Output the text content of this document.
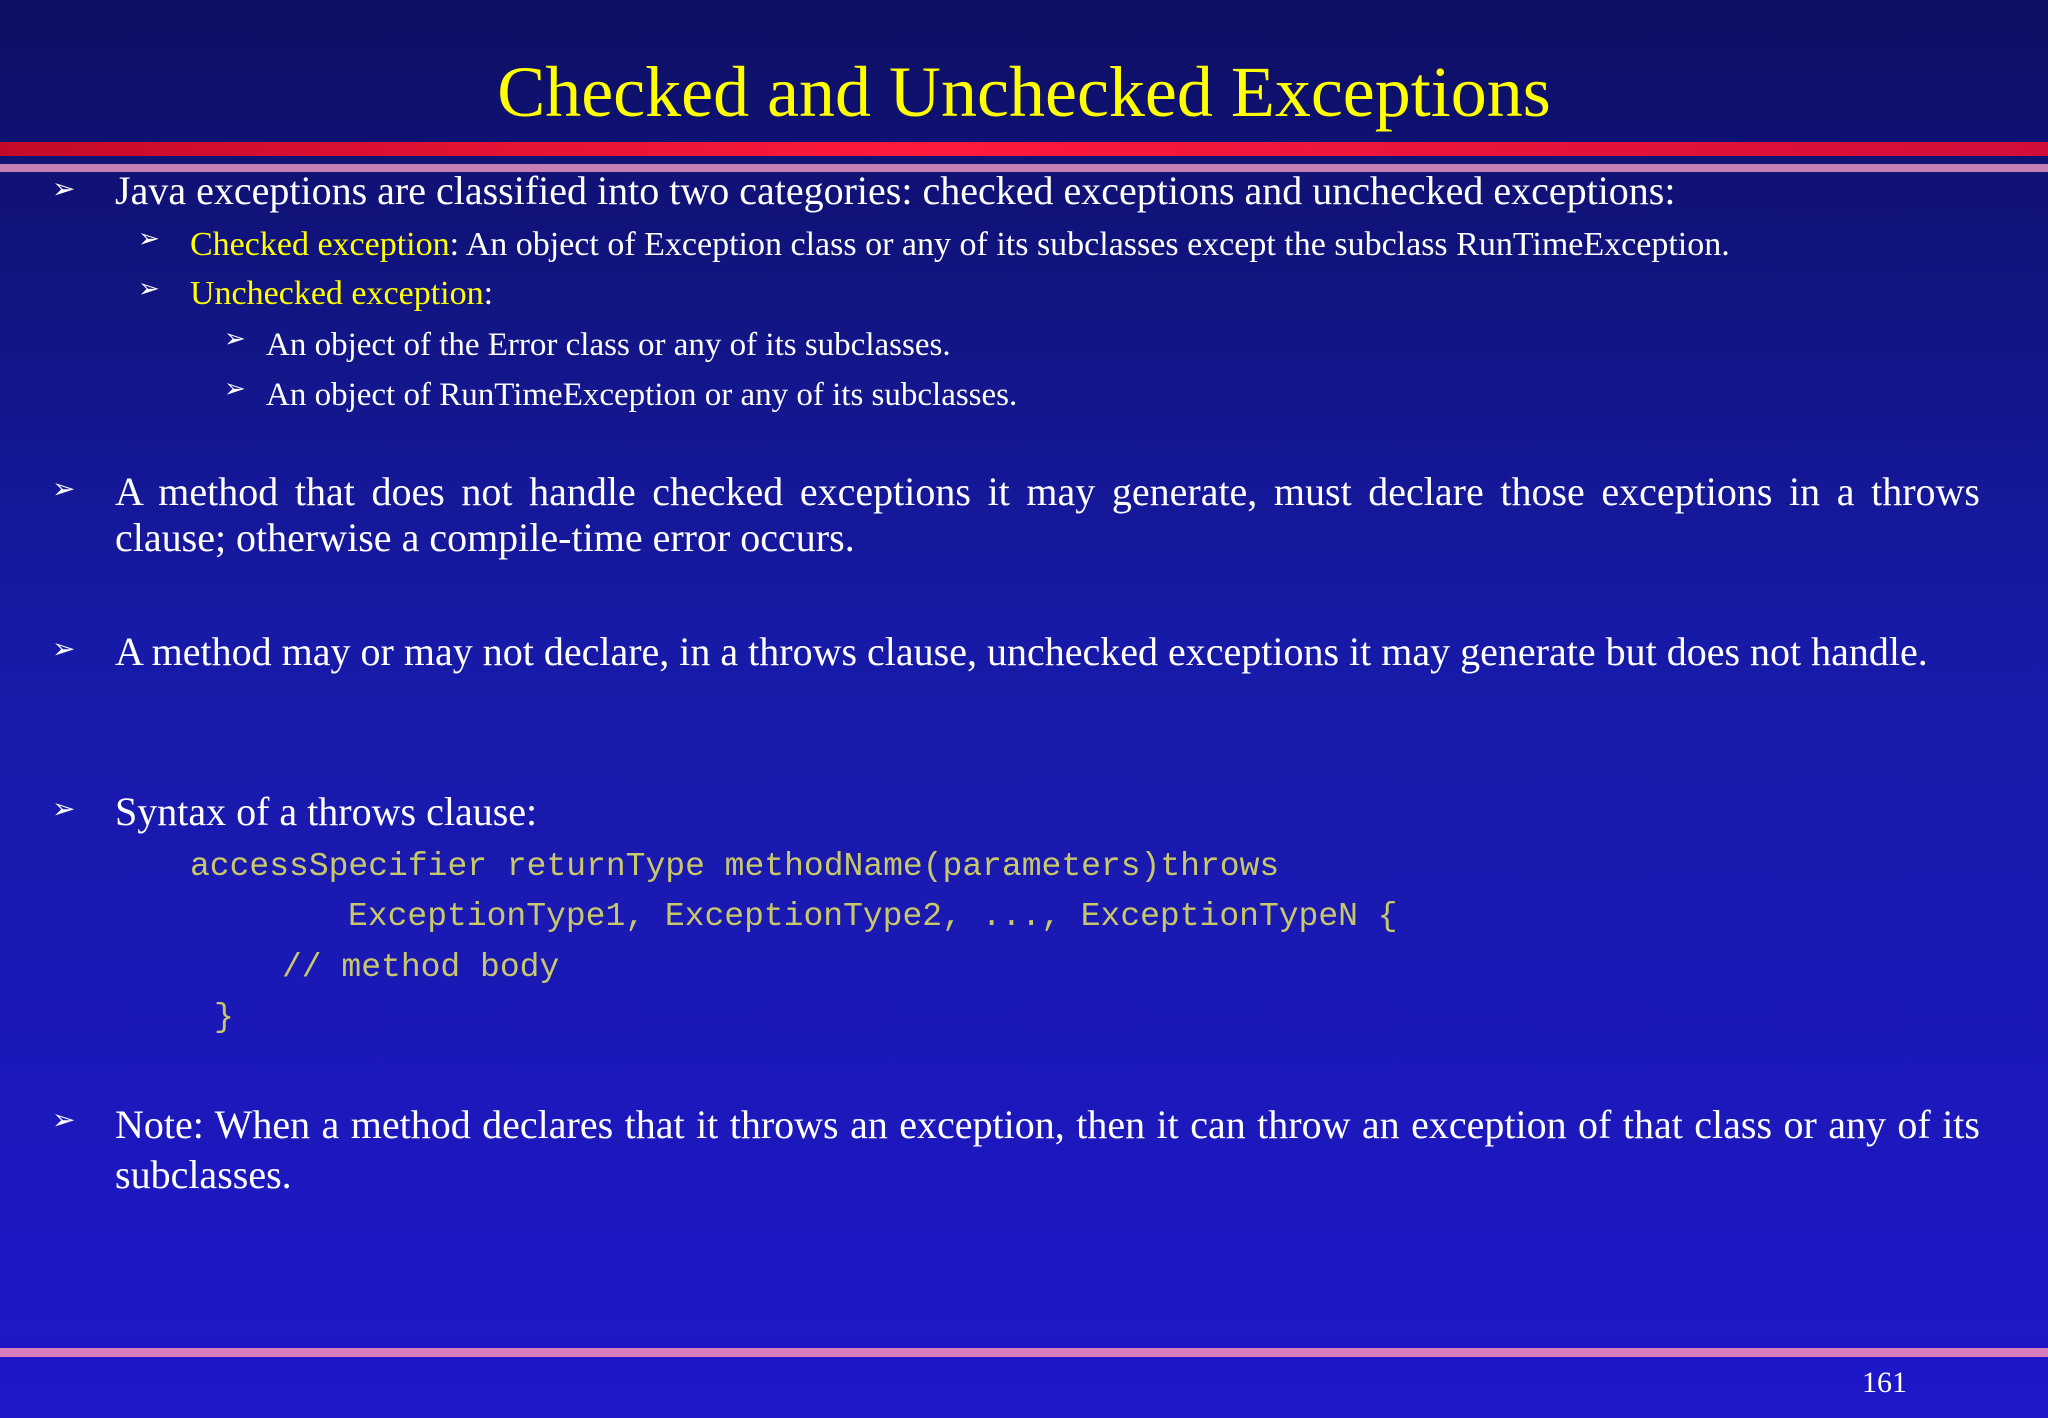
Checked and Unchecked Exceptions
➢ Java exceptions are classified into two categories: checked exceptions and unchecked exceptions:
➢ Checked exception: An object of Exception class or any of its subclasses except the subclass RunTimeException.
➢ Unchecked exception:
➢ An object of the Error class or any of its subclasses.
➢ An object of RunTimeException or any of its subclasses.
➢ A method that does not handle checked exceptions it may generate, must declare those exceptions in a throws clause; otherwise a compile-time error occurs.
➢ A method may or may not declare, in a throws clause, unchecked exceptions it may generate but does not handle.
➢ Syntax of a throws clause:
accessSpecifier returnType methodName(parameters)throws
ExceptionType1, ExceptionType2, ..., ExceptionTypeN {
// method body
}
➢ Note: When a method declares that it throws an exception, then it can throw an exception of that class or any of its subclasses.
161
